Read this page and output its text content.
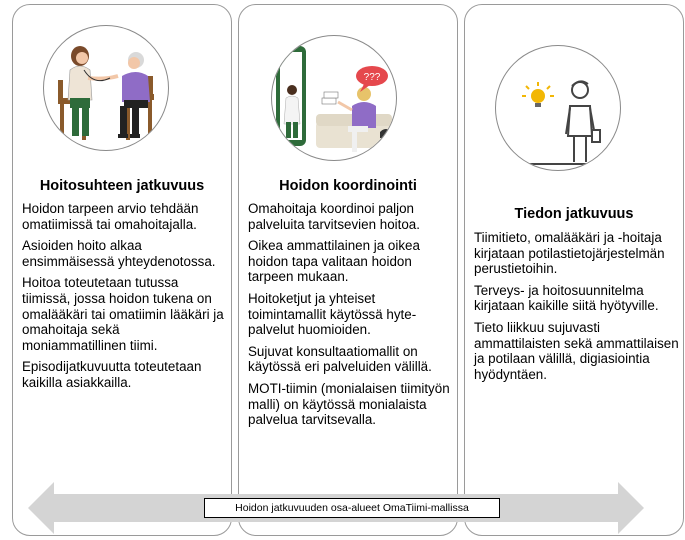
Hoitosuhteen jatkuvuus

Hoidon tarpeen arvio tehdään omatiimissä tai omahoitajalla.

Asioiden hoito alkaa ensimmäisessä yhteydenotossa.

Hoitoa toteutetaan tutussa tiimissä, jossa hoidon tukena on omalääkäri tai omatiimin lääkäri ja omahoitaja sekä moniammatillinen tiimi.

Episodijatkuvuutta toteutetaan kaikilla asiakkailla.

???
Hoidon koordinointi

Omahoitaja koordinoi paljon palveluita tarvitsevien hoitoa.

Oikea ammattilainen ja oikea hoidon tapa valitaan hoidon tarpeen mukaan.

Hoitoketjut ja yhteiset toimintamallit käytössä hyte-palvelut huomioiden.

Sujuvat konsultaatiomallit on käytössä eri palveluiden välillä.

MOTI-tiimin (monialaisen tiimityön malli) on käytössä monialaista palvelua tarvitsevalla.

Tiedon jatkuvuus

Tiimitieto, omalääkäri ja -hoitaja kirjataan potilastietojärjestelmän perustietoihin.

Terveys- ja hoitosuunnitelma kirjataan kaikille siitä hyötyville.

Tieto liikkuu sujuvasti ammattilaisten sekä ammattilaisen ja potilaan välillä, digiasiointia hyödyntäen.

Hoidon jatkuvuuden osa-alueet OmaTiimi-mallissa
